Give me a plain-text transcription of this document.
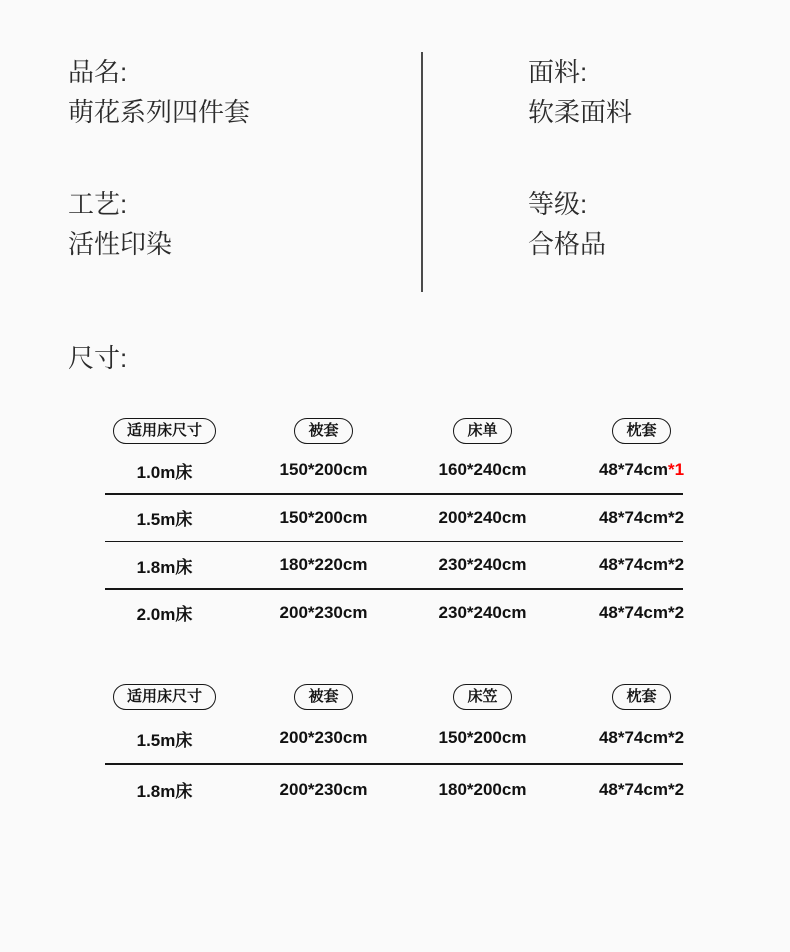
品名:
萌花系列四件套
工艺:
活性印染
面料:
软柔面料
等级:
合格品
尺寸:
适用床尺寸	被套	床单	枕套
1.0m床	150*200cm	160*240cm	48*74cm*1
1.5m床	150*200cm	200*240cm	48*74cm*2
1.8m床	180*220cm	230*240cm	48*74cm*2
2.0m床	200*230cm	230*240cm	48*74cm*2
适用床尺寸	被套	床笠	枕套
1.5m床	200*230cm	150*200cm	48*74cm*2
1.8m床	200*230cm	180*200cm	48*74cm*2
